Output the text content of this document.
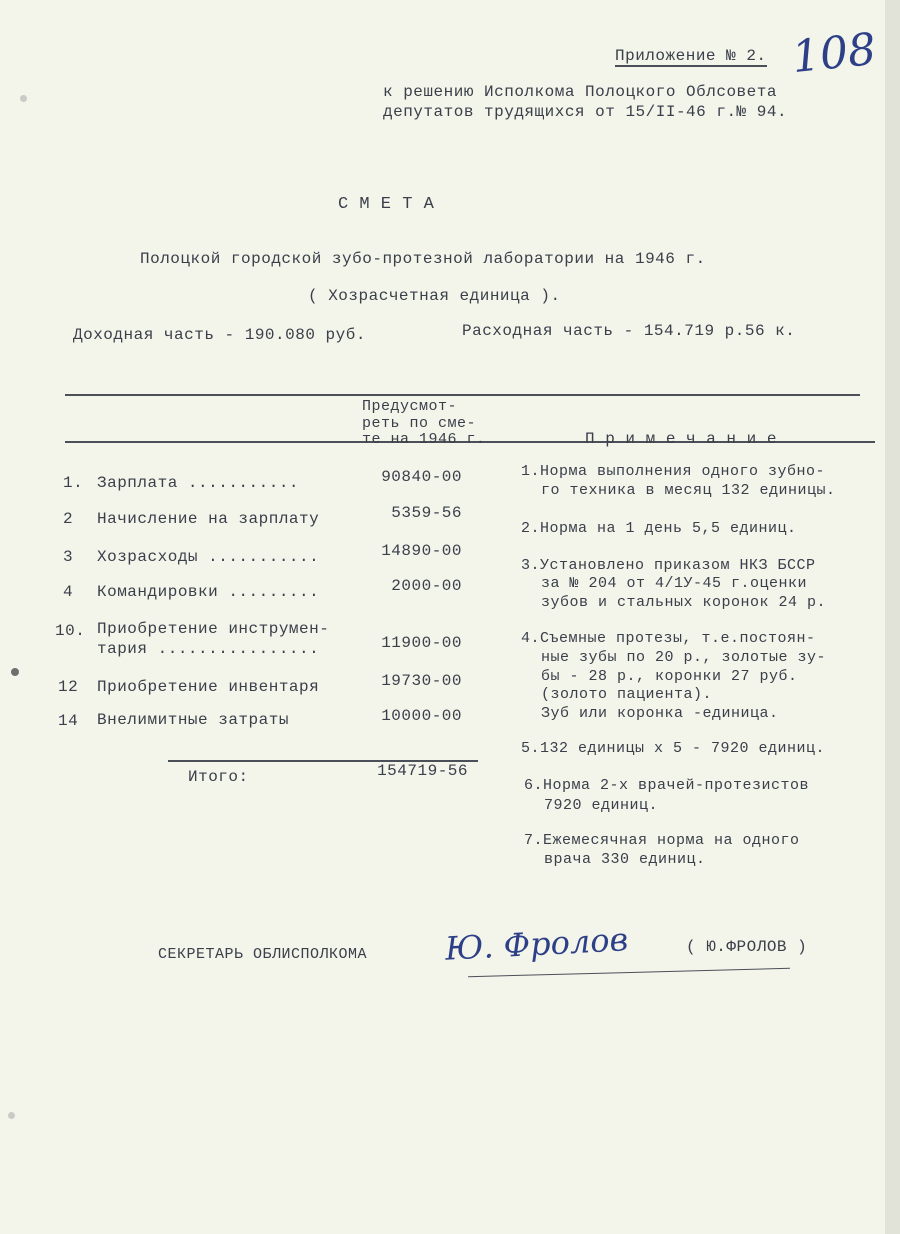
Приложение № 2. 108
к решению Исполкома Полоцкого Облсовета
депутатов трудящихся от 15/II-46 г.№ 94.
С М Е Т А
Полоцкой городской зубо-протезной лаборатории на 1946 г.
( Хозрасчетная единица ).
Доходная часть - 190.080 руб.	Расходная часть - 154.719 р.56 к.
Предусмот-
реть по сме-
те на 1946 г.	П р и м е ч а н и е
1. Зарплата ...........	90840-00
2 Начисление на зарплату	5359-56
3 Хозрасходы ...........	14890-00
4 Командировки .........	2000-00
10. Приобретение инструмен-
тария ................	11900-00
12 Приобретение инвентаря	19730-00
14 Внелимитные затраты	10000-00
Итого:	154719-56
1.Норма выполнения одного зубно-
го техника в месяц 132 единицы.
2.Норма на 1 день 5,5 единиц.
3.Установлено приказом НКЗ БССР
за № 204 от 4/1У-45 г.оценки
зубов и стальных коронок 24 р.
4.Съемные протезы, т.е.постоян-
ные зубы по 20 р., золотые зу-
бы - 28 р., коронки 27 руб.
(золото пациента).
Зуб или коронка -единица.
5.132 единицы х 5 - 7920 единиц.
6.Норма 2-х врачей-протезистов
7920 единиц.
7.Ежемесячная норма на одного
врача 330 единиц.
СЕКРЕТАРЬ ОБЛИСПОЛКОМА Ю. Фролов	( Ю.ФРОЛОВ )
